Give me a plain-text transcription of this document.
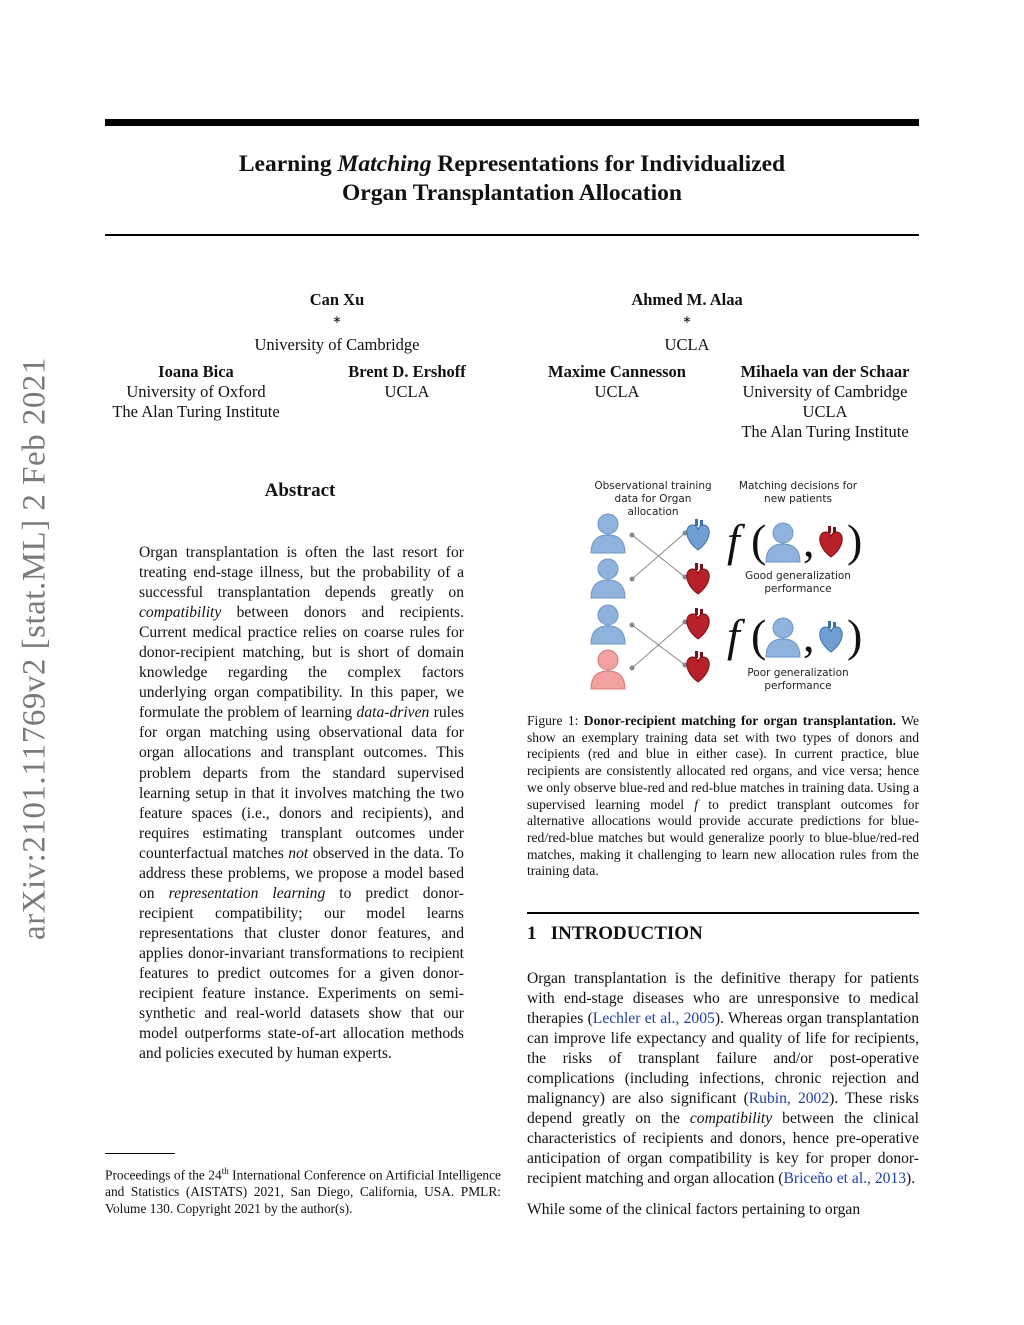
arXiv:2101.11769v2 [stat.ML] 2 Feb 2021
Learning Matching Representations for Individualized
Organ Transplantation Allocation
Can Xu
∗
University of Cambridge
Ahmed M. Alaa
∗
UCLA
Ioana Bica
University of Oxford
The Alan Turing Institute
Brent D. Ershoff
UCLA
Maxime Cannesson
UCLA
Mihaela van der Schaar
University of Cambridge
UCLA
The Alan Turing Institute
Abstract
Organ transplantation is often the last resort for treating end-stage illness, but the probability of a successful transplantation depends greatly on compatibility between donors and recipients. Current medical practice relies on coarse rules for donor-recipient matching, but is short of domain knowledge regarding the complex factors underlying organ compatibility. In this paper, we formulate the problem of learning data-driven rules for organ matching using observational data for organ allocations and transplant outcomes. This problem departs from the standard supervised learning setup in that it involves matching the two feature spaces (i.e., donors and recipients), and requires estimating transplant outcomes under counterfactual matches not observed in the data. To address these problems, we propose a model based on representation learning to predict donor-recipient compatibility; our model learns representations that cluster donor features, and applies donor-invariant transformations to recipient features to predict outcomes for a given donor-recipient feature instance. Experiments on semi-synthetic and real-world datasets show that our model outperforms state-of-art allocation methods and policies executed by human experts.
Proceedings of the 24th International Conference on Artificial Intelligence and Statistics (AISTATS) 2021, San Diego, California, USA. PMLR: Volume 130. Copyright 2021 by the author(s).
Observational training data for Organ allocation
Matching decisions for new patients
f ( , )
Good generalization performance
f ( , )
Poor generalization performance
Figure 1: Donor-recipient matching for organ transplantation. We show an exemplary training data set with two types of donors and recipients (red and blue in either case). In current practice, blue recipients are consistently allocated red organs, and vice versa; hence we only observe blue-red and red-blue matches in training data. Using a supervised learning model f to predict transplant outcomes for alternative allocations would provide accurate predictions for blue-red/red-blue matches but would generalize poorly to blue-blue/red-red matches, making it challenging to learn new allocation rules from the training data.
1   INTRODUCTION

Organ transplantation is the definitive therapy for patients with end-stage diseases who are unresponsive to medical therapies (Lechler et al., 2005). Whereas organ transplantation can improve life expectancy and quality of life for recipients, the risks of transplant failure and/or post-operative complications (including infections, chronic rejection and malignancy) are also significant (Rubin, 2002). These risks depend greatly on the compatibility between the clinical characteristics of recipients and donors, hence pre-operative anticipation of organ compatibility is key for proper donor-recipient matching and organ allocation (Briceño et al., 2013).

While some of the clinical factors pertaining to organ
